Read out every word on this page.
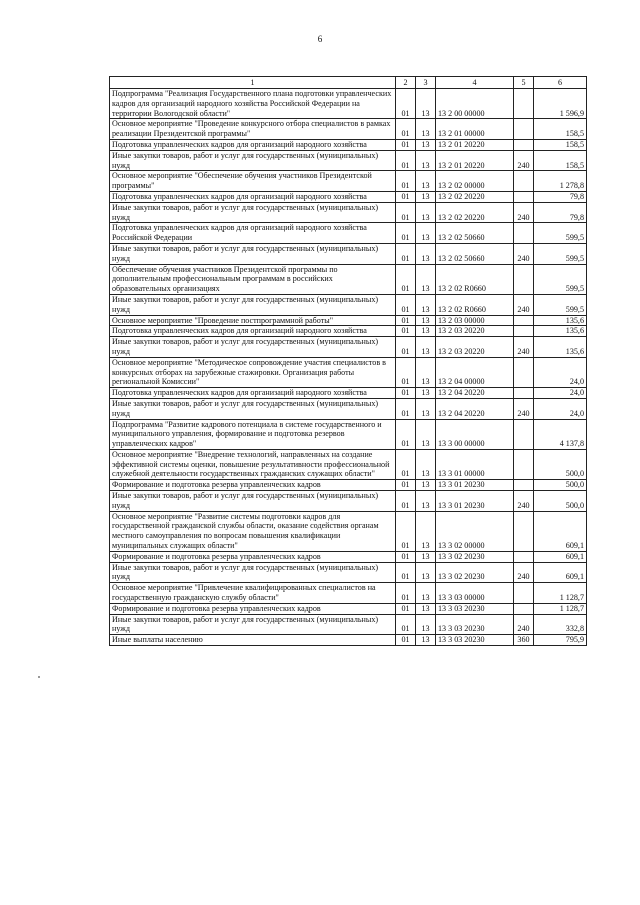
6
1	2	3	4	5	6
Подпрограмма "Реализация Государственного плана подготовки управленческих кадров для организаций народного хозяйства Российской Федерации на территории Вологодской области"	01	13	13 2 00 00000		1 596,9
Основное мероприятие "Проведение конкурсного отбора специалистов в рамках реализации Президентской программы"	01	13	13 2 01 00000		158,5
Подготовка управленческих кадров для организаций народного хозяйства	01	13	13 2 01 20220		158,5
Иные закупки товаров, работ и услуг для государственных (муниципальных) нужд	01	13	13 2 01 20220	240	158,5
Основное мероприятие "Обеспечение обучения участников Президентской программы"	01	13	13 2 02 00000		1 278,8
Подготовка управленческих кадров для организаций народного хозяйства	01	13	13 2 02 20220		79,8
Иные закупки товаров, работ и услуг для государственных (муниципальных) нужд	01	13	13 2 02 20220	240	79,8
Подготовка управленческих кадров для организаций народного хозяйства Российской Федерации	01	13	13 2 02 50660		599,5
Иные закупки товаров, работ и услуг для государственных (муниципальных) нужд	01	13	13 2 02 50660	240	599,5
Обеспечение обучения участников Президентской программы по дополнительным профессиональным программам в российских образовательных организациях	01	13	13 2 02 R0660		599,5
Иные закупки товаров, работ и услуг для государственных (муниципальных) нужд	01	13	13 2 02 R0660	240	599,5
Основное мероприятие "Проведение постпрограммной работы"	01	13	13 2 03 00000		135,6
Подготовка управленческих кадров для организаций народного хозяйства	01	13	13 2 03 20220		135,6
Иные закупки товаров, работ и услуг для государственных (муниципальных) нужд	01	13	13 2 03 20220	240	135,6
Основное мероприятие "Методическое сопровождение участия специалистов в конкурсных отборах на зарубежные стажировки. Организация работы региональной Комиссии"	01	13	13 2 04 00000		24,0
Подготовка управленческих кадров для организаций народного хозяйства	01	13	13 2 04 20220		24,0
Иные закупки товаров, работ и услуг для государственных (муниципальных) нужд	01	13	13 2 04 20220	240	24,0
Подпрограмма "Развитие кадрового потенциала в системе государственного и муниципального управления, формирование и подготовка резервов управленческих кадров"	01	13	13 3 00 00000		4 137,8
Основное мероприятие "Внедрение технологий, направленных на создание эффективной системы оценки, повышение результативности профессиональной служебной деятельности государственных гражданских служащих области"	01	13	13 3 01 00000		500,0
Формирование и подготовка резерва управленческих кадров	01	13	13 3 01 20230		500,0
Иные закупки товаров, работ и услуг для государственных (муниципальных) нужд	01	13	13 3 01 20230	240	500,0
Основное мероприятие "Развитие системы подготовки кадров для государственной гражданской службы области, оказание содействия органам местного самоуправления по вопросам повышения квалификации муниципальных служащих области"	01	13	13 3 02 00000		609,1
Формирование и подготовка резерва управленческих кадров	01	13	13 3 02 20230		609,1
Иные закупки товаров, работ и услуг для государственных (муниципальных) нужд	01	13	13 3 02 20230	240	609,1
Основное мероприятие "Привлечение квалифицированных специалистов на государственную гражданскую службу области"	01	13	13 3 03 00000		1 128,7
Формирование и подготовка резерва управленческих кадров	01	13	13 3 03 20230		1 128,7
Иные закупки товаров, работ и услуг для государственных (муниципальных) нужд	01	13	13 3 03 20230	240	332,8
Иные выплаты населению	01	13	13 3 03 20230	360	795,9
